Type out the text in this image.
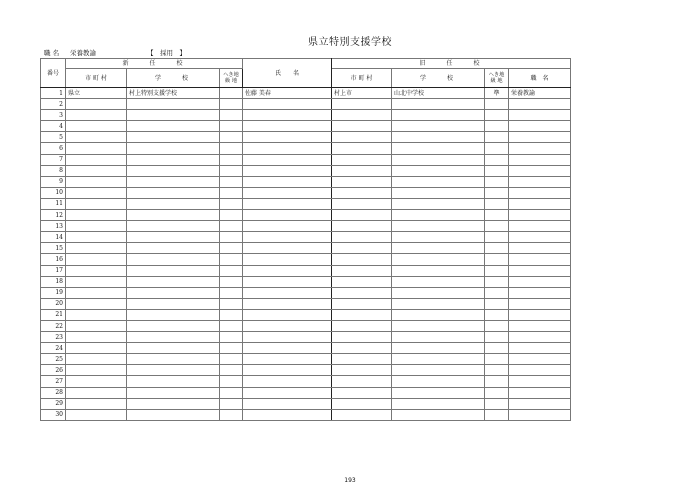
県立特別支援学校
職 名 栄養教諭	【　採用　】
番号	新　　任　　校			氏　　名	旧　　任　　校			
	市 町 村	学　　校	へき地 級 地		市 町 村	学　　校	へき地 級 地	職　名
1	県立	村上特別支援学校		佐藤 美春	村上市	山北中学校	準	栄養教諭
2								
3								
4								
5								
6								
7								
8								
9								
10								
11								
12								
13								
14								
15								
16								
17								
18								
19								
20								
21								
22								
23								
24								
25								
26								
27								
28								
29								
30								
193
